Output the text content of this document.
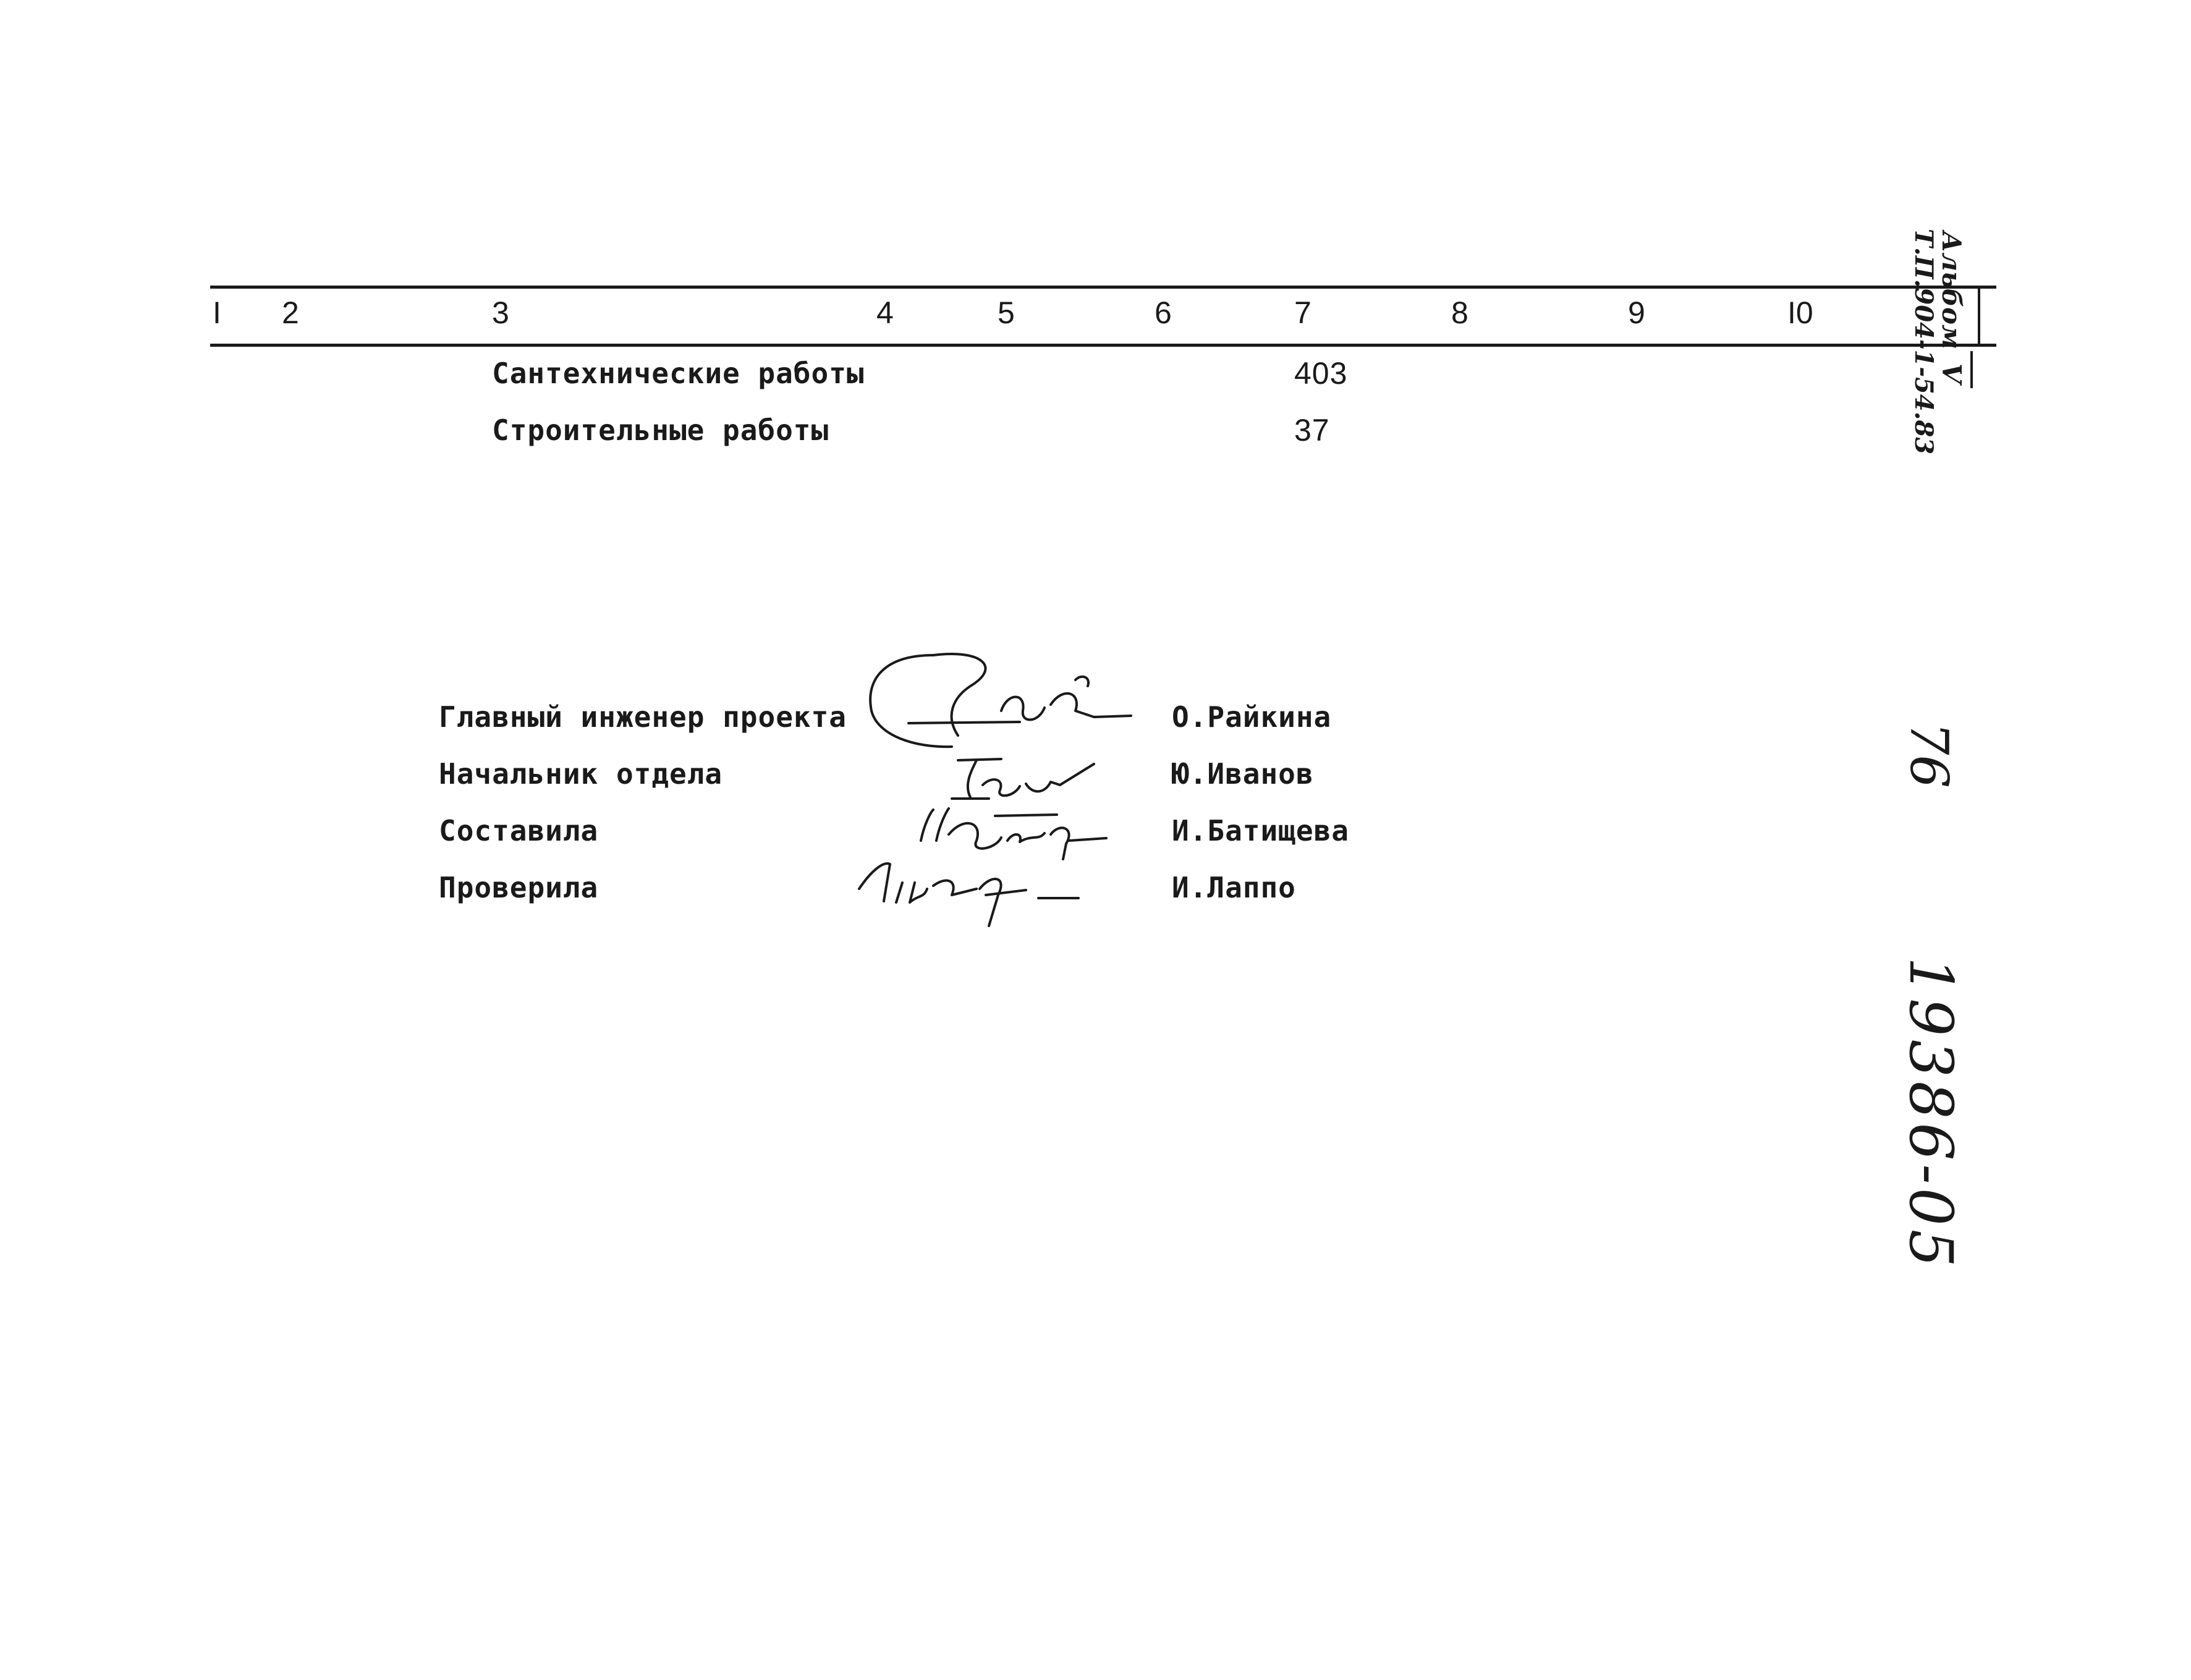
I 2	3	4	5	6	7	8	9	I0
Сантехнические работы	403
Строительные работы	37
Альбом
V
Т.П.904-1-54.83
76
19386-05
Главный инженер проекта	О.Райкина
Начальник отдела	Ю.Иванов
Составила	И.Батищева
Проверила	И.Лаппо
